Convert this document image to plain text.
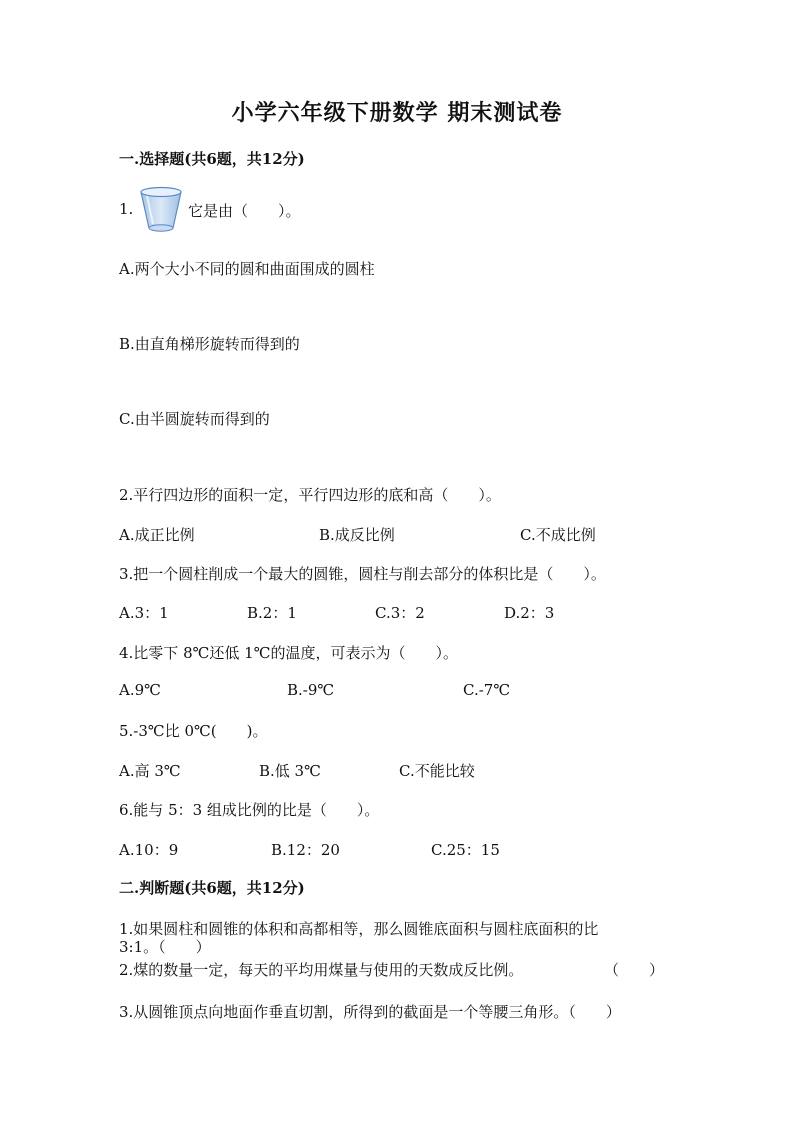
小学六年级下册数学 期末测试卷
一.选择题(共6题，共12分)
1.	它是由（　　）。
A.两个大小不同的圆和曲面围成的圆柱
B.由直角梯形旋转而得到的
C.由半圆旋转而得到的
2.平行四边形的面积一定，平行四边形的底和高（　　）。
A.成正比例	B.成反比例	C.不成比例
3.把一个圆柱削成一个最大的圆锥，圆柱与削去部分的体积比是（　　）。
A.3：1	B.2：1	C.3：2	D.2：3
4.比零下 8℃还低 1℃的温度，可表示为（　　）。
A.9℃	B.-9℃	C.-7℃
5.-3℃比 0℃(　　)。
A.高 3℃	B.低 3℃	C.不能比较
6.能与 5：3 组成比例的比是（　　）。
A.10：9	B.12：20	C.25：15
二.判断题(共6题，共12分)
1.如果圆柱和圆锥的体积和高都相等，那么圆锥底面积与圆柱底面积的比
3:1。（　　）
2.煤的数量一定，每天的平均用煤量与使用的天数成反比例。	（　　）
3.从圆锥顶点向地面作垂直切割，所得到的截面是一个等腰三角形。（　　）
